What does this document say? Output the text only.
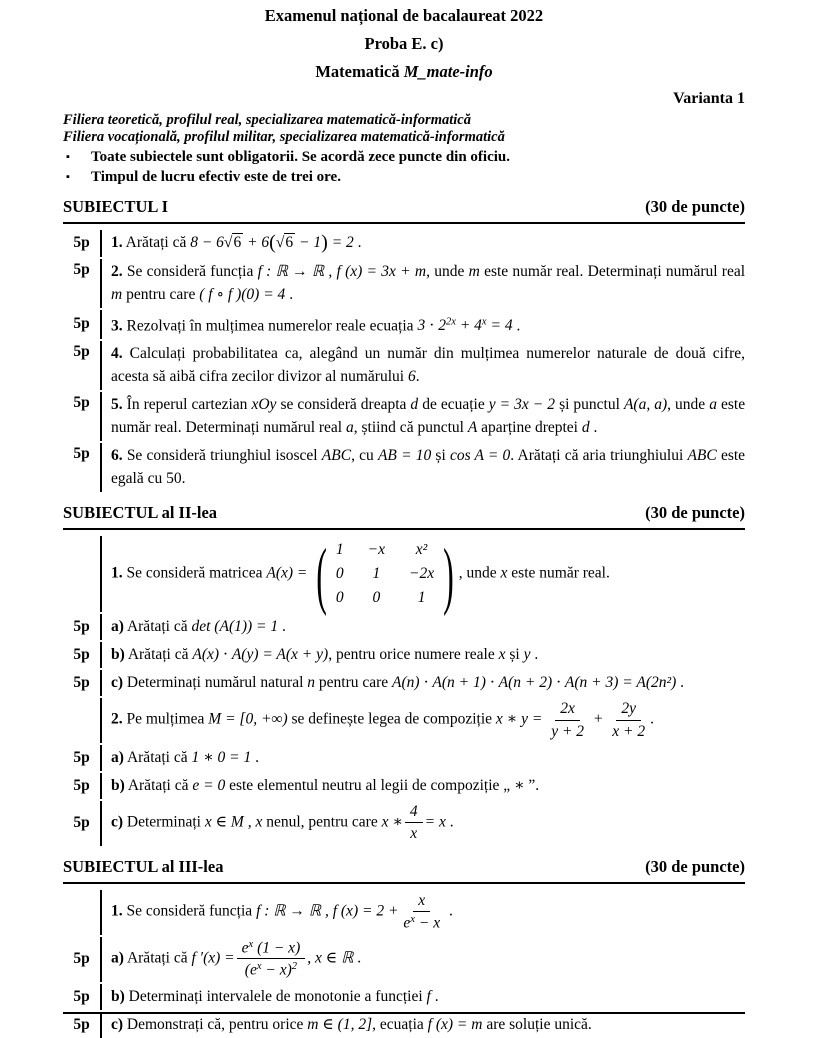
Examenul național de bacalaureat 2022
Proba E. c)
Matematică M_mate-info
Varianta 1
Filiera teoretică, profilul real, specializarea matematică-informatică
Filiera vocațională, profilul militar, specializarea matematică-informatică
▪	Toate subiectele sunt obligatorii. Se acordă zece puncte din oficiu.
▪	Timpul de lucru efectiv este de trei ore.
SUBIECTUL I	(30 de puncte)
5p	1. Arătați că 8 − 6√6 + 6(√6 − 1) = 2 .

5p	2. Se consideră funcția f : ℝ → ℝ , f (x) = 3x + m, unde m este număr real. Determinați numărul real m pentru care ( f ∘ f )(0) = 4 .

5p	3. Rezolvați în mulțimea numerelor reale ecuația $3 \cdot 2^{2x} + 4^x = 4$ .

5p	4. Calculați probabilitatea ca, alegând un număr din mulțimea numerelor naturale de două cifre, acesta să aibă cifra zecilor divizor al numărului 6.

5p	5. În reperul cartezian xOy se consideră dreapta d de ecuație y = 3x − 2 și punctul A(a, a), unde a este număr real. Determinați numărul real a, știind că punctul A aparține dreptei d .

5p	6. Se consideră triunghiul isoscel ABC, cu AB = 10 și cos A = 0. Arătați că aria triunghiului ABC este egală cu 50.

SUBIECTUL al II-lea	(30 de puncte)

1. Se consideră matricea A(x) = ( 1 −x x²
0 1 −2x
0 0 1 ) , unde x este număr real.

5p	a) Arătați că det (A(1)) = 1 .

5p	b) Arătați că A(x) ⋅ A(y) = A(x + y), pentru orice numere reale x și y .

5p	c) Determinați numărul natural n pentru care A(n) ⋅ A(n + 1) ⋅ A(n + 2) ⋅ A(n + 3) = A(2n²) .

2. Pe mulțimea M = [0, +∞) se definește legea de compoziție x ∗ $y = \frac{2x}{y + 2} + \frac{2y}{x + 2}$ .

5p	a) Arătați că 1 ∗ 0 = 1 .

5p	b) Arătați că e = 0 este elementul neutru al legii de compoziție „ ∗ ”.

5p	c) Determinați x ∈ M , x nenul, pentru care x ∗ $\frac{4}{x} = x$ .

SUBIECTUL al III-lea	(30 de puncte)

1. Se consideră funcția f : ℝ → ℝ , f $(x) = 2 + \frac{x}{e^x - x}$ .

5p	a) Arătați că f $'(x) = \frac{e^x (1 - x)}{(e^x - x)^2}$ , x ∈ ℝ .

5p	b) Determinați intervalele de monotonie a funcției f .

5p	c) Demonstrați că, pentru orice m ∈ (1, 2], ecuația f (x) = m are soluție unică.
